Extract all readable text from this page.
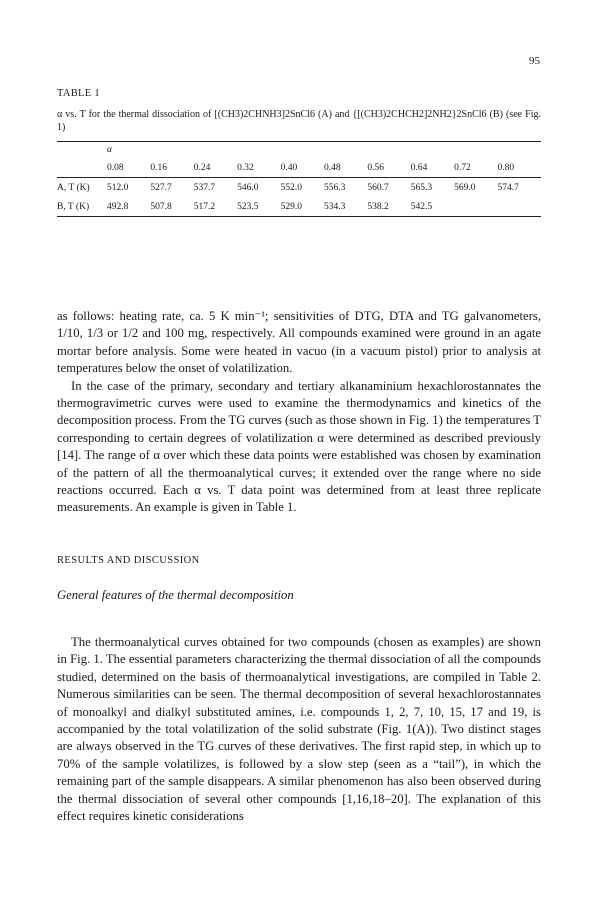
95
TABLE 1
α vs. T for the thermal dissociation of [(CH3)2CHNH3]2SnCl6 (A) and {[(CH3)2CHCH2]2NH2}2SnCl6 (B) (see Fig. 1)
	α									
	0.08	0.16	0.24	0.32	0.40	0.48	0.56	0.64	0.72	0.80
A, T (K)	512.0	527.7	537.7	546.0	552.0	556.3	560.7	565.3	569.0	574.7
B, T (K)	492.8	507.8	517.2	523.5	529.0	534.3	538.2	542.5		

as follows: heating rate, ca. 5 K min⁻¹; sensitivities of DTG, DTA and TG galvanometers, 1/10, 1/3 or 1/2 and 100 mg, respectively. All compounds examined were ground in an agate mortar before analysis. Some were heated in vacuo (in a vacuum pistol) prior to analysis at temperatures below the onset of volatilization.

In the case of the primary, secondary and tertiary alkanaminium hexachlorostannates the thermogravimetric curves were used to examine the thermodynamics and kinetics of the decomposition process. From the TG curves (such as those shown in Fig. 1) the temperatures T corresponding to certain degrees of volatilization α were determined as described previously [14]. The range of α over which these data points were established was chosen by examination of the pattern of all the thermoanalytical curves; it extended over the range where no side reactions occurred. Each α vs. T data point was determined from at least three replicate measurements. An example is given in Table 1.

RESULTS AND DISCUSSION
General features of the thermal decomposition

The thermoanalytical curves obtained for two compounds (chosen as examples) are shown in Fig. 1. The essential parameters characterizing the thermal dissociation of all the compounds studied, determined on the basis of thermoanalytical investigations, are compiled in Table 2. Numerous similarities can be seen. The thermal decomposition of several hexachlorostannates of monoalkyl and dialkyl substituted amines, i.e. compounds 1, 2, 7, 10, 15, 17 and 19, is accompanied by the total volatilization of the solid substrate (Fig. 1(A)). Two distinct stages are always observed in the TG curves of these derivatives. The first rapid step, in which up to 70% of the sample volatilizes, is followed by a slow step (seen as a “tail”), in which the remaining part of the sample disappears. A similar phenomenon has also been observed during the thermal dissociation of several other compounds [1,16,18–20]. The explanation of this effect requires kinetic considerations
